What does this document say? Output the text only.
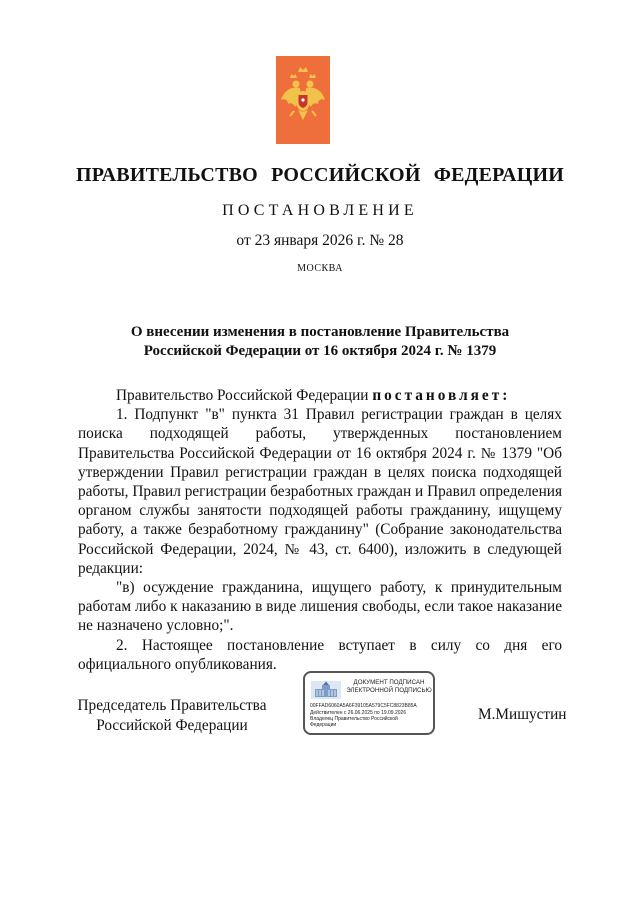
ПРАВИТЕЛЬСТВО РОССИЙСКОЙ ФЕДЕРАЦИИ
ПОСТАНОВЛЕНИЕ
от 23 января 2026 г. № 28
МОСКВА
О внесении изменения в постановление Правительства
Российской Федерации от 16 октября 2024 г. № 1379

Правительство Российской Федерации постановляет:

1. Подпункт "в" пункта 31 Правил регистрации граждан в целях поиска подходящей работы, утвержденных постановлением Правительства Российской Федерации от 16 октября 2024 г. № 1379 "Об утверждении Правил регистрации граждан в целях поиска подходящей работы, Правил регистрации безработных граждан и Правил определения органом службы занятости подходящей работы гражданину, ищущему работу, а также безработному гражданину" (Собрание законодательства Российской Федерации, 2024, № 43, ст. 6400), изложить в следующей редакции:

"в) осуждение гражданина, ищущего работу, к принудительным работам либо к наказанию в виде лишения свободы, если такое наказание не назначено условно;".

2. Настоящее постановление вступает в силу со дня его официального опубликования.

Председатель Правительства
Российской Федерации
ДОКУМЕНТ ПОДПИСАН
ЭЛЕКТРОННОЙ ПОДПИСЬЮ
00FFAD6060A5A6F39105A579C5FC8823B85A
Действителен с 26.06.2025 по 19.09.2026
Владелец Правительство Российской
Федерации
М.Мишустин
